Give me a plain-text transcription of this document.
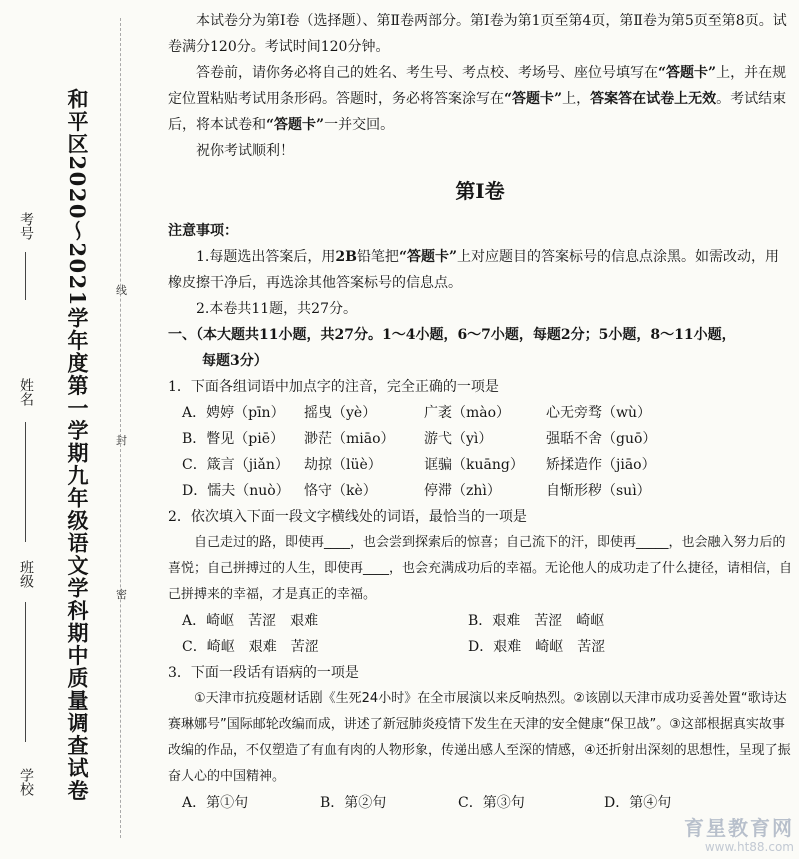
和平区2020～2021学年度第一学期九年级语文学科期中质量调查试卷
考号
姓名
班级
学校
线
封
密

本试卷分为第Ⅰ卷（选择题）、第Ⅱ卷两部分。第Ⅰ卷为第1页至第4页，第Ⅱ卷为第5页至第8页。试卷满分120分。考试时间120分钟。

答卷前，请你务必将自己的姓名、考生号、考点校、考场号、座位号填写在“答题卡”上，并在规定位置粘贴考试用条形码。答题时，务必将答案涂写在“答题卡”上，答案答在试卷上无效。考试结束后，将本试卷和“答题卡”一并交回。

祝你考试顺利！

第Ⅰ卷

注意事项：

1.每题选出答案后，用2B铅笔把“答题卡”上对应题目的答案标号的信息点涂黑。如需改动，用橡皮擦干净后，再选涂其他答案标号的信息点。

2.本卷共11题，共27分。

一、（本大题共11小题，共27分。1～4小题，6～7小题，每题2分；5小题，8～11小题，

每题3分）

1．下面各组词语中加点字的注音，完全正确的一项是

A．娉婷（pīn）	摇曳（yè）	广袤（mào）	心无旁骛（wù）
B．瞥见（piē）	渺茫（miāo）	游弋（yì）	强聒不舍（guō）
C．箴言（jiǎn）	劫掠（lüè）	诓骗（kuāng）	矫揉造作（jiāo）
D．懦夫（nuò）	恪守（kè）	停滞（zhì）	自惭形秽（suì）

2．依次填入下面一段文字横线处的词语，最恰当的一项是

自己走过的路，即使再____，也会尝到探索后的惊喜；自己流下的汗，即使再_____，也会融入努力后的喜悦；自己拼搏过的人生，即使再____，也会充满成功后的幸福。无论他人的成功走了什么捷径，请相信，自己拼搏来的幸福，才是真正的幸福。

A．崎岖　苦涩　艰难	B．艰难　苦涩　崎岖
C．崎岖　艰难　苦涩	D．艰难　崎岖　苦涩

3．下面一段话有语病的一项是

①天津市抗疫题材话剧《生死24小时》在全市展演以来反响热烈。②该剧以天津市成功妥善处置“歌诗达赛琳娜号”国际邮轮改编而成，讲述了新冠肺炎疫情下发生在天津的安全健康“保卫战”。③这部根据真实故事改编的作品，不仅塑造了有血有肉的人物形象，传递出感人至深的情感，④还折射出深刻的思想性，呈现了振奋人心的中国精神。

A．第①句	B．第②句	C．第③句	D．第④句
育星教育网
www.ht88.com
